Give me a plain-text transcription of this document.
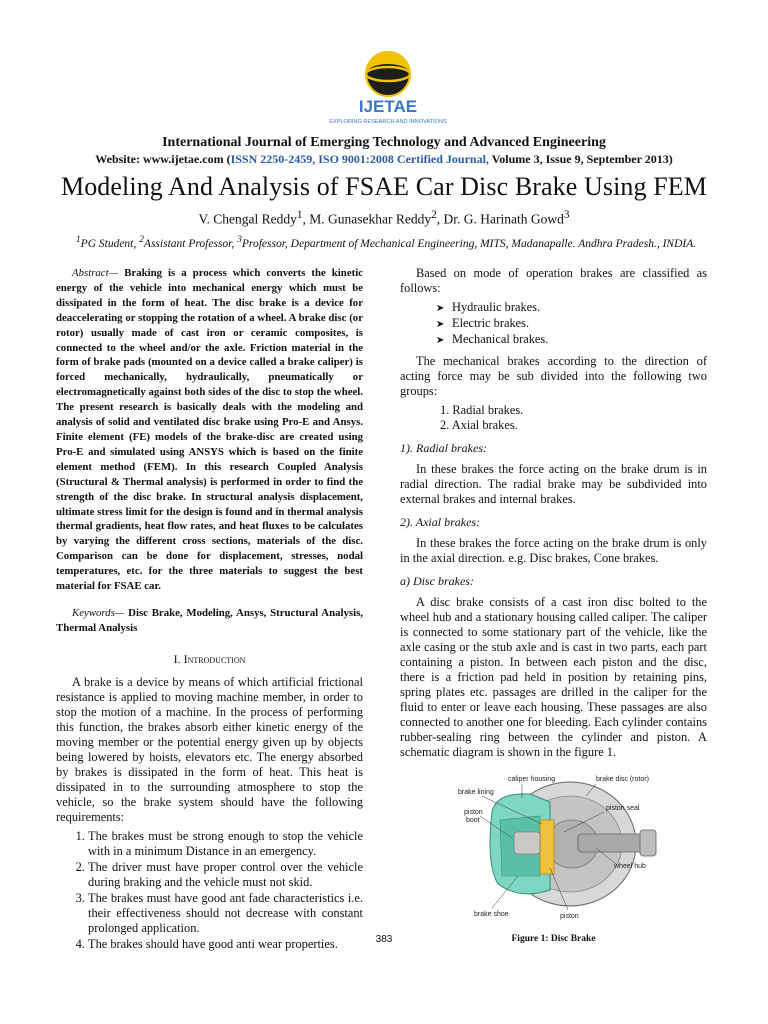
IJETAE
EXPLORING RESEARCH AND INNOVATIONS

International Journal of Emerging Technology and Advanced Engineering

Website: www.ijetae.com (ISSN 2250-2459, ISO 9001:2008 Certified Journal, Volume 3, Issue 9, September 2013)

Modeling And Analysis of FSAE Car Disc Brake Using FEM

V. Chengal Reddy$^1$, M. Gunasekhar Reddy$^2$, Dr. G. Harinath Gowd$^3$

$^1$PG Student, $^2$Assistant Professor, $^3$Professor, Department of Mechanical Engineering, MITS, Madanapalle. Andhra Pradesh., INDIA.

Abstract— Braking is a process which converts the kinetic energy of the vehicle into mechanical energy which must be dissipated in the form of heat. The disc brake is a device for deaccelerating or stopping the rotation of a wheel. A brake disc (or rotor) usually made of cast iron or ceramic composites, is connected to the wheel and/or the axle. Friction material in the form of brake pads (mounted on a device called a brake caliper) is forced mechanically, hydraulically, pneumatically or electromagnetically against both sides of the disc to stop the wheel. The present research is basically deals with the modeling and analysis of solid and ventilated disc brake using Pro-E and Ansys. Finite element (FE) models of the brake-disc are created using Pro-E and simulated using ANSYS which is based on the finite element method (FEM). In this research Coupled Analysis (Structural & Thermal analysis) is performed in order to find the strength of the disc brake. In structural analysis displacement, ultimate stress limit for the design is found and in thermal analysis thermal gradients, heat flow rates, and heat fluxes to be calculates by varying the different cross sections, materials of the disc. Comparison can be done for displacement, stresses, nodal temperatures, etc. for the three materials to suggest the best material for FSAE car.

Keywords— Disc Brake, Modeling, Ansys, Structural Analysis, Thermal Analysis

I. Introduction

A brake is a device by means of which artificial frictional resistance is applied to moving machine member, in order to stop the motion of a machine. In the process of performing this function, the brakes absorb either kinetic energy of the moving member or the potential energy given up by objects being lowered by hoists, elevators etc. The energy absorbed by brakes is dissipated in the form of heat. This heat is dissipated in to the surrounding atmosphere to stop the vehicle, so the brake system should have the following requirements:

1. The brakes must be strong enough to stop the vehicle with in a minimum Distance in an emergency.
2. The driver must have proper control over the vehicle during braking and the vehicle must not skid.
3. The brakes must have good ant fade characteristics i.e. their effectiveness should not decrease with constant prolonged application.
4. The brakes should have good anti wear properties.

Based on mode of operation brakes are classified as follows:

➤ Hydraulic brakes.
➤ Electric brakes.
➤ Mechanical brakes.

The mechanical brakes according to the direction of acting force may be sub divided into the following two groups:

1. Radial brakes.
2. Axial brakes.
1). Radial brakes:

In these brakes the force acting on the brake drum is in radial direction. The radial brake may be subdivided into external brakes and internal brakes.

2). Axial brakes:

In these brakes the force acting on the brake drum is only in the axial direction. e.g. Disc brakes, Cone brakes.

a) Disc brakes:

A disc brake consists of a cast iron disc bolted to the wheel hub and a stationary housing called caliper. The caliper is connected to some stationary part of the vehicle, like the axle casing or the stub axle and is cast in two parts, each part containing a piston. In between each piston and the disc, there is a friction pad held in position by retaining pins, spring plates etc. passages are drilled in the caliper for the fluid to enter or leave each housing. These passages are also connected to another one for bleeding. Each cylinder contains rubber-sealing ring between the cylinder and piston. A schematic diagram is shown in the figure 1.

caliper housing	brake disc (rotor)
brake lining
piston
boot
piston seal
wheel hub
brake shoe	piston
Figure 1: Disc Brake
383
